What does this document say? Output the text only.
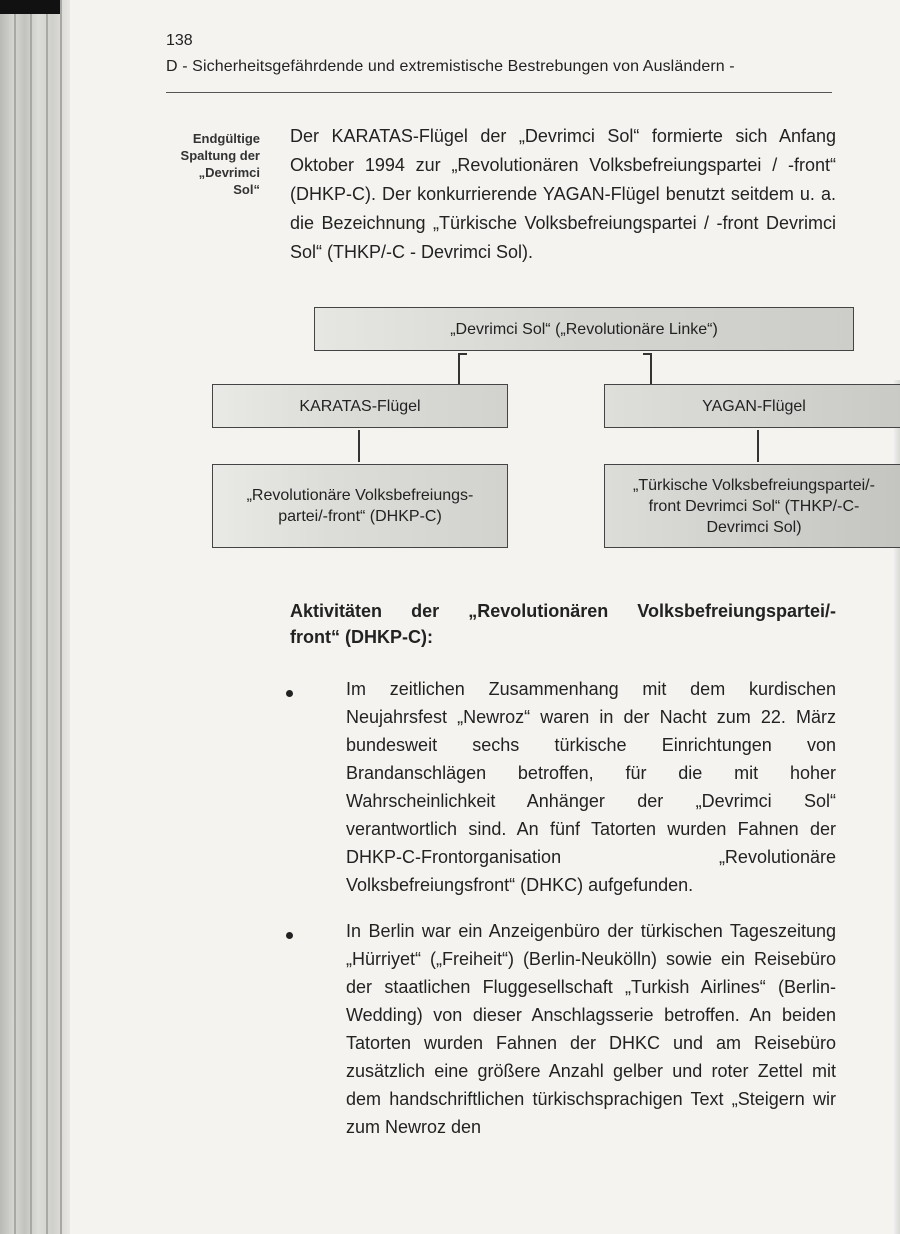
138
D - Sicherheitsgefährdende und extremistische Bestrebungen von Ausländern -
Endgültige
Spaltung der
„Devrimci
Sol“
Der KARATAS-Flügel der „Devrimci Sol“ formierte sich Anfang Oktober 1994 zur „Revolutionären Volksbefreiungspartei / -front“ (DHKP-C). Der konkurrierende YAGAN-Flügel benutzt seitdem u. a. die Bezeichnung „Türkische Volksbefreiungspartei / -front Devrimci Sol“ (THKP/-C - Devrimci Sol).
„Devrimci Sol“ („Revolutionäre Linke“)
KARATAS-Flügel	YAGAN-Flügel
„Revolutionäre Volksbefreiungs-partei/-front“ (DHKP-C)
„Türkische Volksbefreiungspartei/-front Devrimci Sol“ (THKP/-C-Devrimci Sol)
Aktivitäten der „Revolutionären Volksbefreiungspartei/-
front“ (DHKP-C):
Im zeitlichen Zusammenhang mit dem kurdischen Neujahrsfest „Newroz“ waren in der Nacht zum 22. März bundesweit sechs türkische Einrichtungen von Brandanschlägen betroffen, für die mit hoher Wahrscheinlichkeit Anhänger der „Devrimci Sol“ verantwortlich sind. An fünf Tatorten wurden Fahnen der DHKP-C-Frontorganisation „Revolutionäre Volksbefreiungsfront“ (DHKC) aufgefunden.
In Berlin war ein Anzeigenbüro der türkischen Tageszeitung „Hürriyet“ („Freiheit“) (Berlin-Neukölln) sowie ein Reisebüro der staatlichen Fluggesellschaft „Turkish Airlines“ (Berlin-Wedding) von dieser Anschlagsserie betroffen. An beiden Tatorten wurden Fahnen der DHKC und am Reisebüro zusätzlich eine größere Anzahl gelber und roter Zettel mit dem handschriftlichen türkischsprachigen Text „Steigern wir zum Newroz den
